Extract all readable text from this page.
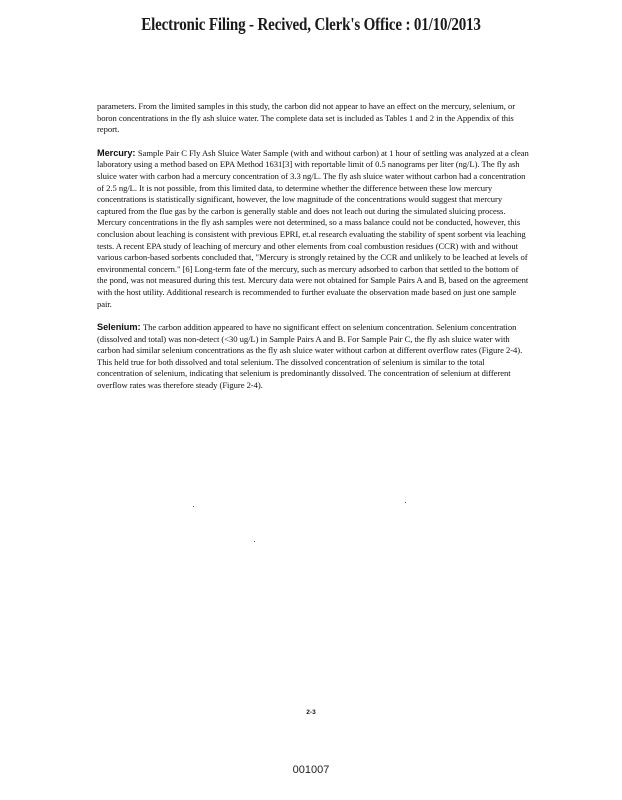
Electronic Filing - Recived, Clerk's Office : 01/10/2013

parameters. From the limited samples in this study, the carbon did not appear to have an effect on the mercury, selenium, or boron concentrations in the fly ash sluice water. The complete data set is included as Tables 1 and 2 in the Appendix of this report.

Mercury: Sample Pair C Fly Ash Sluice Water Sample (with and without carbon) at 1 hour of settling was analyzed at a clean laboratory using a method based on EPA Method 1631[3] with reportable limit of 0.5 nanograms per liter (ng/L). The fly ash sluice water with carbon had a mercury concentration of 3.3 ng/L. The fly ash sluice water without carbon had a concentration of 2.5 ng/L. It is not possible, from this limited data, to determine whether the difference between these low mercury concentrations is statistically significant, however, the low magnitude of the concentrations would suggest that mercury captured from the flue gas by the carbon is generally stable and does not leach out during the simulated sluicing process. Mercury concentrations in the fly ash samples were not determined, so a mass balance could not be conducted, however, this conclusion about leaching is consistent with previous EPRI, et.al research evaluating the stability of spent sorbent via leaching tests. A recent EPA study of leaching of mercury and other elements from coal combustion residues (CCR) with and without various carbon-based sorbents concluded that, "Mercury is strongly retained by the CCR and unlikely to be leached at levels of environmental concern." [6] Long-term fate of the mercury, such as mercury adsorbed to carbon that settled to the bottom of the pond, was not measured during this test. Mercury data were not obtained for Sample Pairs A and B, based on the agreement with the host utility. Additional research is recommended to further evaluate the observation made based on just one sample pair.

Selenium: The carbon addition appeared to have no significant effect on selenium concentration. Selenium concentration (dissolved and total) was non-detect (<30 ug/L) in Sample Pairs A and B. For Sample Pair C, the fly ash sluice water with carbon had similar selenium concentrations as the fly ash sluice water without carbon at different overflow rates (Figure 2-4). This held true for both dissolved and total selenium. The dissolved concentration of selenium is similar to the total concentration of selenium, indicating that selenium is predominantly dissolved. The concentration of selenium at different overflow rates was therefore steady (Figure 2-4).

2-3
001007
